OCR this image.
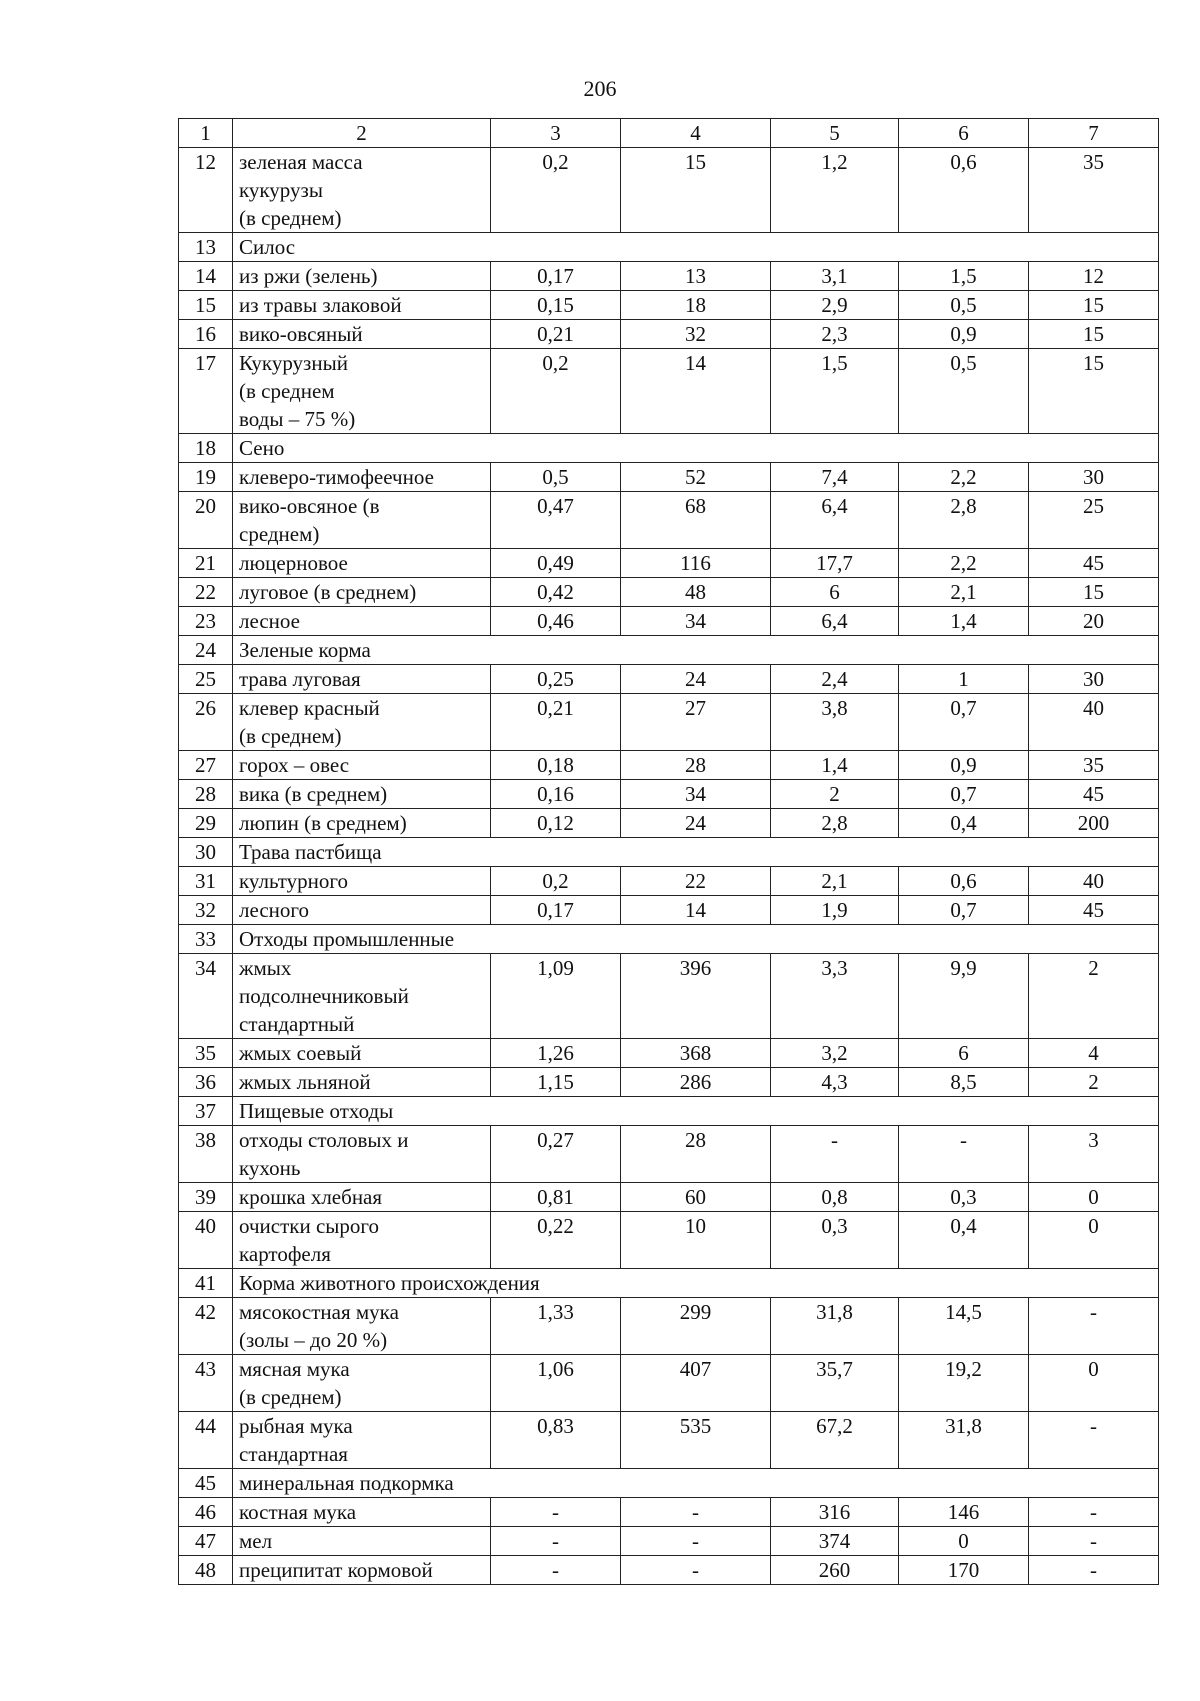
206
1	2	3	4	5	6	7
12	зеленая масса
кукурузы
(в среднем)	0,2	15	1,2	0,6	35
13	Силос					
14	из ржи (зелень)	0,17	13	3,1	1,5	12
15	из травы злаковой	0,15	18	2,9	0,5	15
16	вико-овсяный	0,21	32	2,3	0,9	15
17	Кукурузный
(в среднем
воды – 75 %)	0,2	14	1,5	0,5	15
18	Сено					
19	клеверо-тимофеечное	0,5	52	7,4	2,2	30
20	вико-овсяное (в
среднем)	0,47	68	6,4	2,8	25
21	люцерновое	0,49	116	17,7	2,2	45
22	луговое (в среднем)	0,42	48	6	2,1	15
23	лесное	0,46	34	6,4	1,4	20
24	Зеленые корма					
25	трава луговая	0,25	24	2,4	1	30
26	клевер красный
(в среднем)	0,21	27	3,8	0,7	40
27	горох – овес	0,18	28	1,4	0,9	35
28	вика (в среднем)	0,16	34	2	0,7	45
29	люпин (в среднем)	0,12	24	2,8	0,4	200
30	Трава пастбища					
31	культурного	0,2	22	2,1	0,6	40
32	лесного	0,17	14	1,9	0,7	45
33	Отходы промышленные					
34	жмых
подсолнечниковый
стандартный	1,09	396	3,3	9,9	2
35	жмых соевый	1,26	368	3,2	6	4
36	жмых льняной	1,15	286	4,3	8,5	2
37	Пищевые отходы					
38	отходы столовых и
кухонь	0,27	28	-	-	3
39	крошка хлебная	0,81	60	0,8	0,3	0
40	очистки сырого
картофеля	0,22	10	0,3	0,4	0
41	Корма животного происхождения					
42	мясокостная мука
(золы – до 20 %)	1,33	299	31,8	14,5	-
43	мясная мука
(в среднем)	1,06	407	35,7	19,2	0
44	рыбная мука
стандартная	0,83	535	67,2	31,8	-
45	минеральная подкормка					
46	костная мука	-	-	316	146	-
47	мел	-	-	374	0	-
48	преципитат кормовой	-	-	260	170	-
